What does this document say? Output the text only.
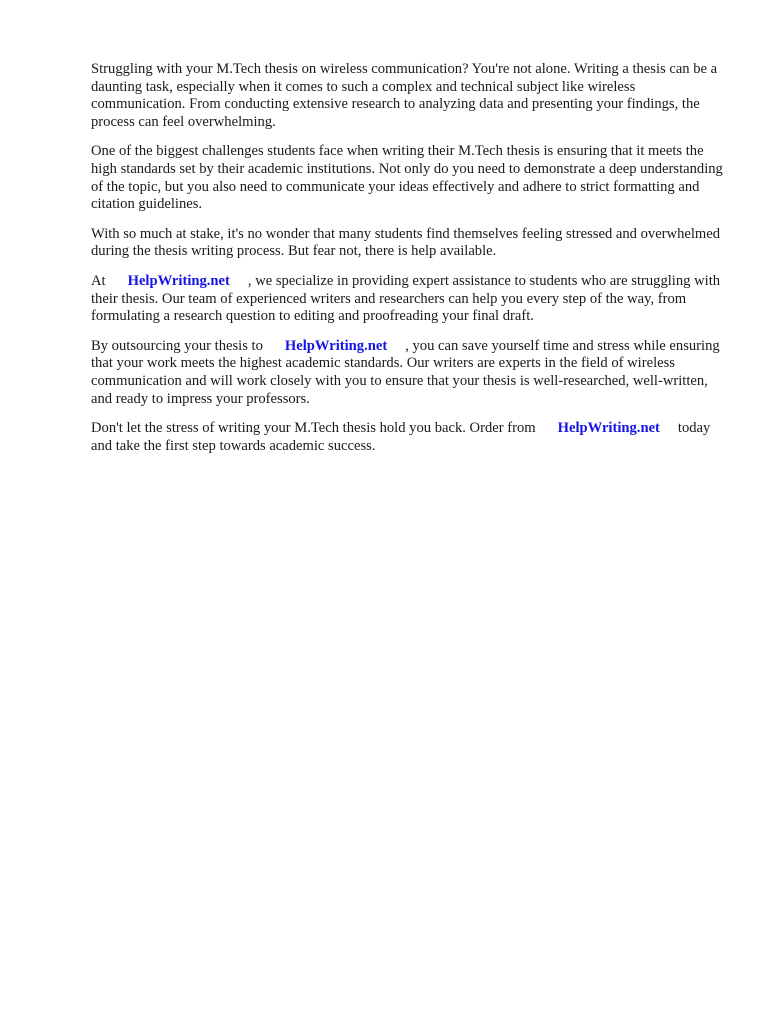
Struggling with your M.Tech thesis on wireless communication? You're not alone. Writing a thesis can be a daunting task, especially when it comes to such a complex and technical subject like wireless communication. From conducting extensive research to analyzing data and presenting your findings, the process can feel overwhelming.

One of the biggest challenges students face when writing their M.Tech thesis is ensuring that it meets the high standards set by their academic institutions. Not only do you need to demonstrate a deep understanding of the topic, but you also need to communicate your ideas effectively and adhere to strict formatting and citation guidelines.

With so much at stake, it's no wonder that many students find themselves feeling stressed and overwhelmed during the thesis writing process. But fear not, there is help available.

At HelpWriting.net , we specialize in providing expert assistance to students who are struggling with their thesis. Our team of experienced writers and researchers can help you every step of the way, from formulating a research question to editing and proofreading your final draft.

By outsourcing your thesis to HelpWriting.net , you can save yourself time and stress while ensuring that your work meets the highest academic standards. Our writers are experts in the field of wireless communication and will work closely with you to ensure that your thesis is well-researched, well-written, and ready to impress your professors.

Don't let the stress of writing your M.Tech thesis hold you back. Order from HelpWriting.net today and take the first step towards academic success.
